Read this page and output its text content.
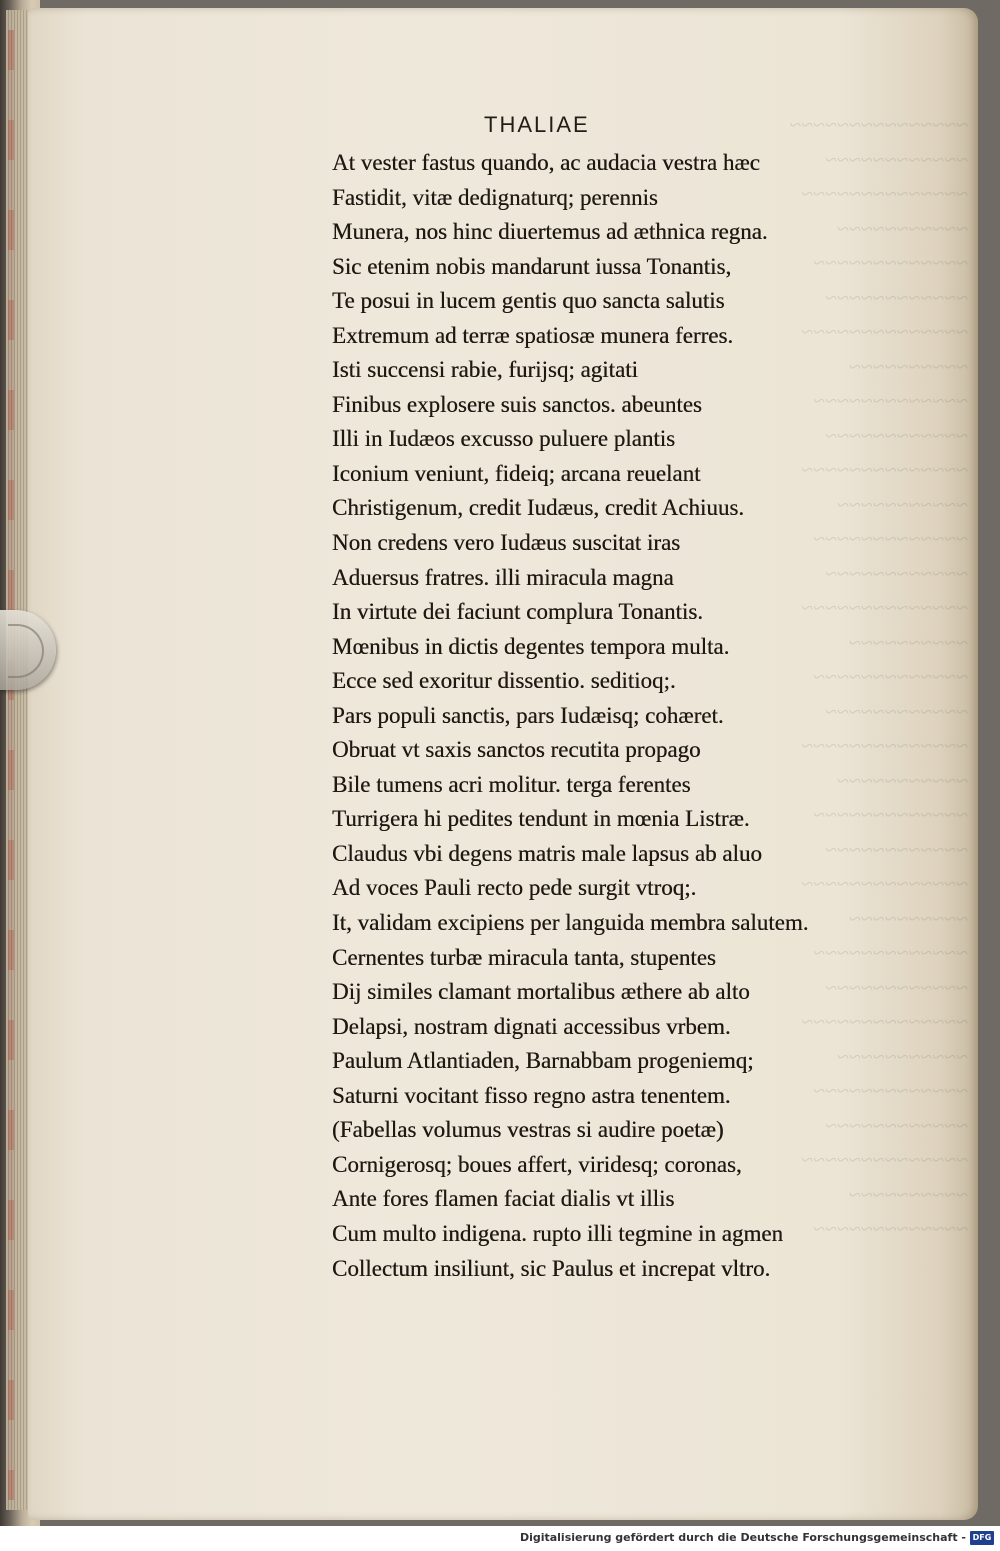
~~~~~~~~~~~~~~~
~~~~~~~~~~~~
~~~~~~~~~~~~~~
~~~~~~~~~~~
~~~~~~~~~~~~~
~~~~~~~~~~~~
~~~~~~~~~~~~~~
~~~~~~~~~~
~~~~~~~~~~~~~
~~~~~~~~~~~~
~~~~~~~~~~~~~~
~~~~~~~~~~~
~~~~~~~~~~~~~
~~~~~~~~~~~~
~~~~~~~~~~~~~~
~~~~~~~~~~
~~~~~~~~~~~~~
~~~~~~~~~~~~
~~~~~~~~~~~~~~
~~~~~~~~~~~
~~~~~~~~~~~~~
~~~~~~~~~~~~
~~~~~~~~~~~~~~
~~~~~~~~~~
~~~~~~~~~~~~~
~~~~~~~~~~~~
~~~~~~~~~~~~~~
~~~~~~~~~~~
~~~~~~~~~~~~~
~~~~~~~~~~~~
~~~~~~~~~~~~~~
~~~~~~~~~~
~~~~~~~~~~~~~
THALIAE
At vester fastus quando, ac audacia vestra hæc
Fastidit, vitæ dedignaturq; perennis
Munera, nos hinc diuertemus ad æthnica regna.
Sic etenim nobis mandarunt iussa Tonantis,
Te posui in lucem gentis quo sancta salutis
Extremum ad terræ spatiosæ munera ferres.
Isti succensi rabie, furijsq; agitati
Finibus explosere suis sanctos. abeuntes
Illi in Iudæos excusso puluere plantis
Iconium veniunt, fideiq; arcana reuelant
Christigenum, credit Iudæus, credit Achiuus.
Non credens vero Iudæus suscitat iras
Aduersus fratres. illi miracula magna
In virtute dei faciunt complura Tonantis.
Mœnibus in dictis degentes tempora multa.
Ecce sed exoritur dissentio. seditioq;.
Pars populi sanctis, pars Iudæisq; cohæret.
Obruat vt saxis sanctos recutita propago
Bile tumens acri molitur. terga ferentes
Turrigera hi pedites tendunt in mœnia Listræ.
Claudus vbi degens matris male lapsus ab aluo
Ad voces Pauli recto pede surgit vtroq;.
It, validam excipiens per languida membra salutem.
Cernentes turbæ miracula tanta, stupentes
Dij similes clamant mortalibus æthere ab alto
Delapsi, nostram dignati accessibus vrbem.
Paulum Atlantiaden, Barnabbam progeniemq;
Saturni vocitant fisso regno astra tenentem.
(Fabellas volumus vestras si audire poetæ)
Cornigerosq; boues affert, viridesq; coronas,
Ante fores flamen faciat dialis vt illis
Cum multo indigena. rupto illi tegmine in agmen
Collectum insiliunt, sic Paulus et increpat vltro.
Digitalisierung gefördert durch die Deutsche Forschungsgemeinschaft - DFG
